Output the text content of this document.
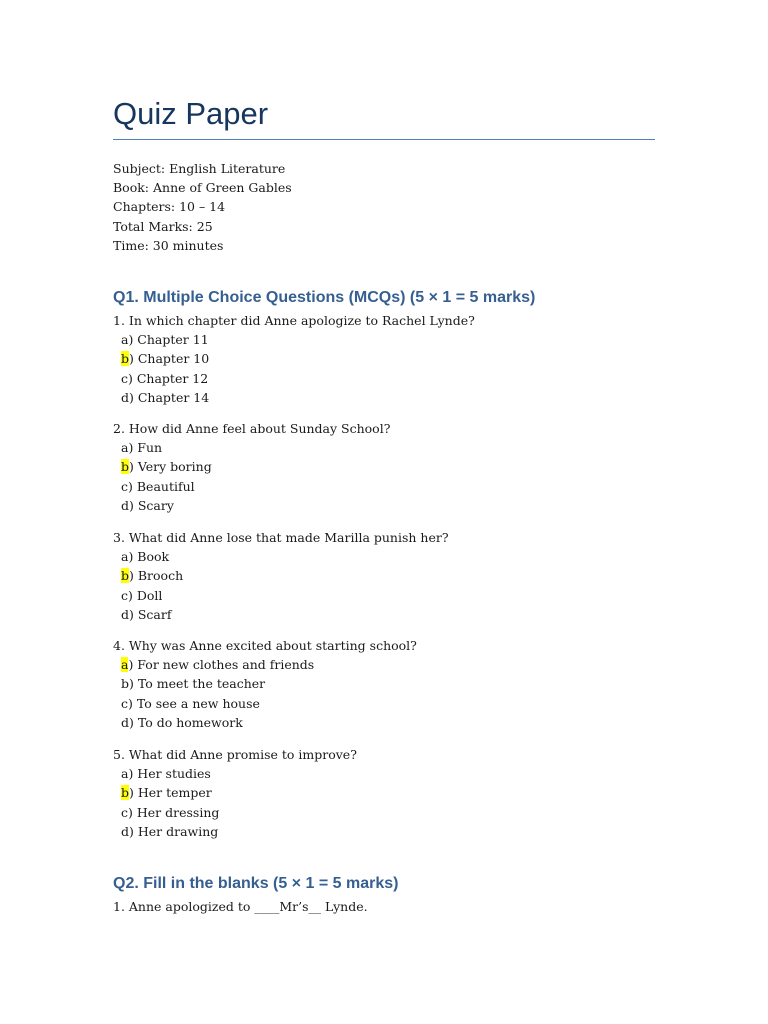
Quiz Paper
Subject: English Literature
Book: Anne of Green Gables
Chapters: 10 – 14
Total Marks: 25
Time: 30 minutes
Q1. Multiple Choice Questions (MCQs) (5 × 1 = 5 marks)
1. In which chapter did Anne apologize to Rachel Lynde?
a) Chapter 11
b) Chapter 10
c) Chapter 12
d) Chapter 14
2. How did Anne feel about Sunday School?
a) Fun
b) Very boring
c) Beautiful
d) Scary
3. What did Anne lose that made Marilla punish her?
a) Book
b) Brooch
c) Doll
d) Scarf
4. Why was Anne excited about starting school?
a) For new clothes and friends
b) To meet the teacher
c) To see a new house
d) To do homework
5. What did Anne promise to improve?
a) Her studies
b) Her temper
c) Her dressing
d) Her drawing
Q2. Fill in the blanks (5 × 1 = 5 marks)
1. Anne apologized to ____Mr’s__ Lynde.
